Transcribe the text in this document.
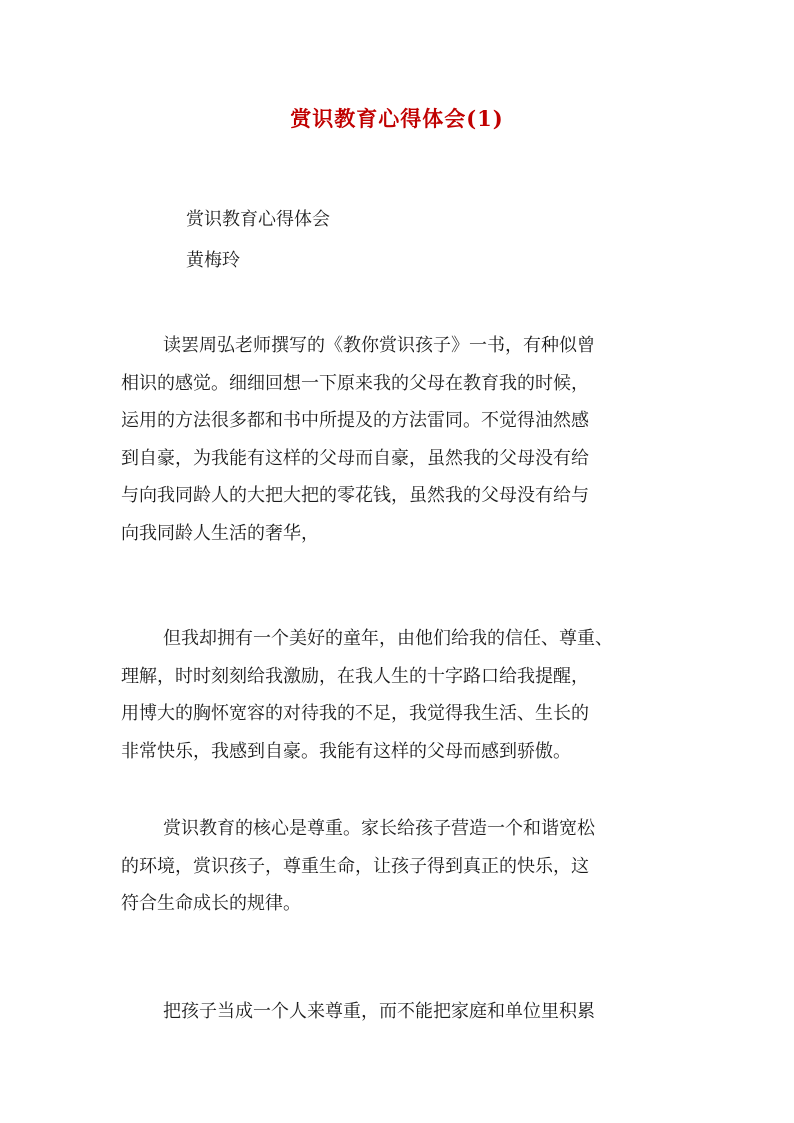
赏识教育心得体会(1)
赏识教育心得体会
黄梅玲
读罢周弘老师撰写的《教你赏识孩子》一书，有种似曾
相识的感觉。细细回想一下原来我的父母在教育我的时候，
运用的方法很多都和书中所提及的方法雷同。不觉得油然感
到自豪，为我能有这样的父母而自豪，虽然我的父母没有给
与向我同龄人的大把大把的零花钱，虽然我的父母没有给与
向我同龄人生活的奢华，
但我却拥有一个美好的童年，由他们给我的信任、尊重、
理解，时时刻刻给我激励，在我人生的十字路口给我提醒，
用博大的胸怀宽容的对待我的不足，我觉得我生活、生长的
非常快乐，我感到自豪。我能有这样的父母而感到骄傲。
赏识教育的核心是尊重。家长给孩子营造一个和谐宽松
的环境，赏识孩子，尊重生命，让孩子得到真正的快乐，这
符合生命成长的规律。
把孩子当成一个人来尊重，而不能把家庭和单位里积累
